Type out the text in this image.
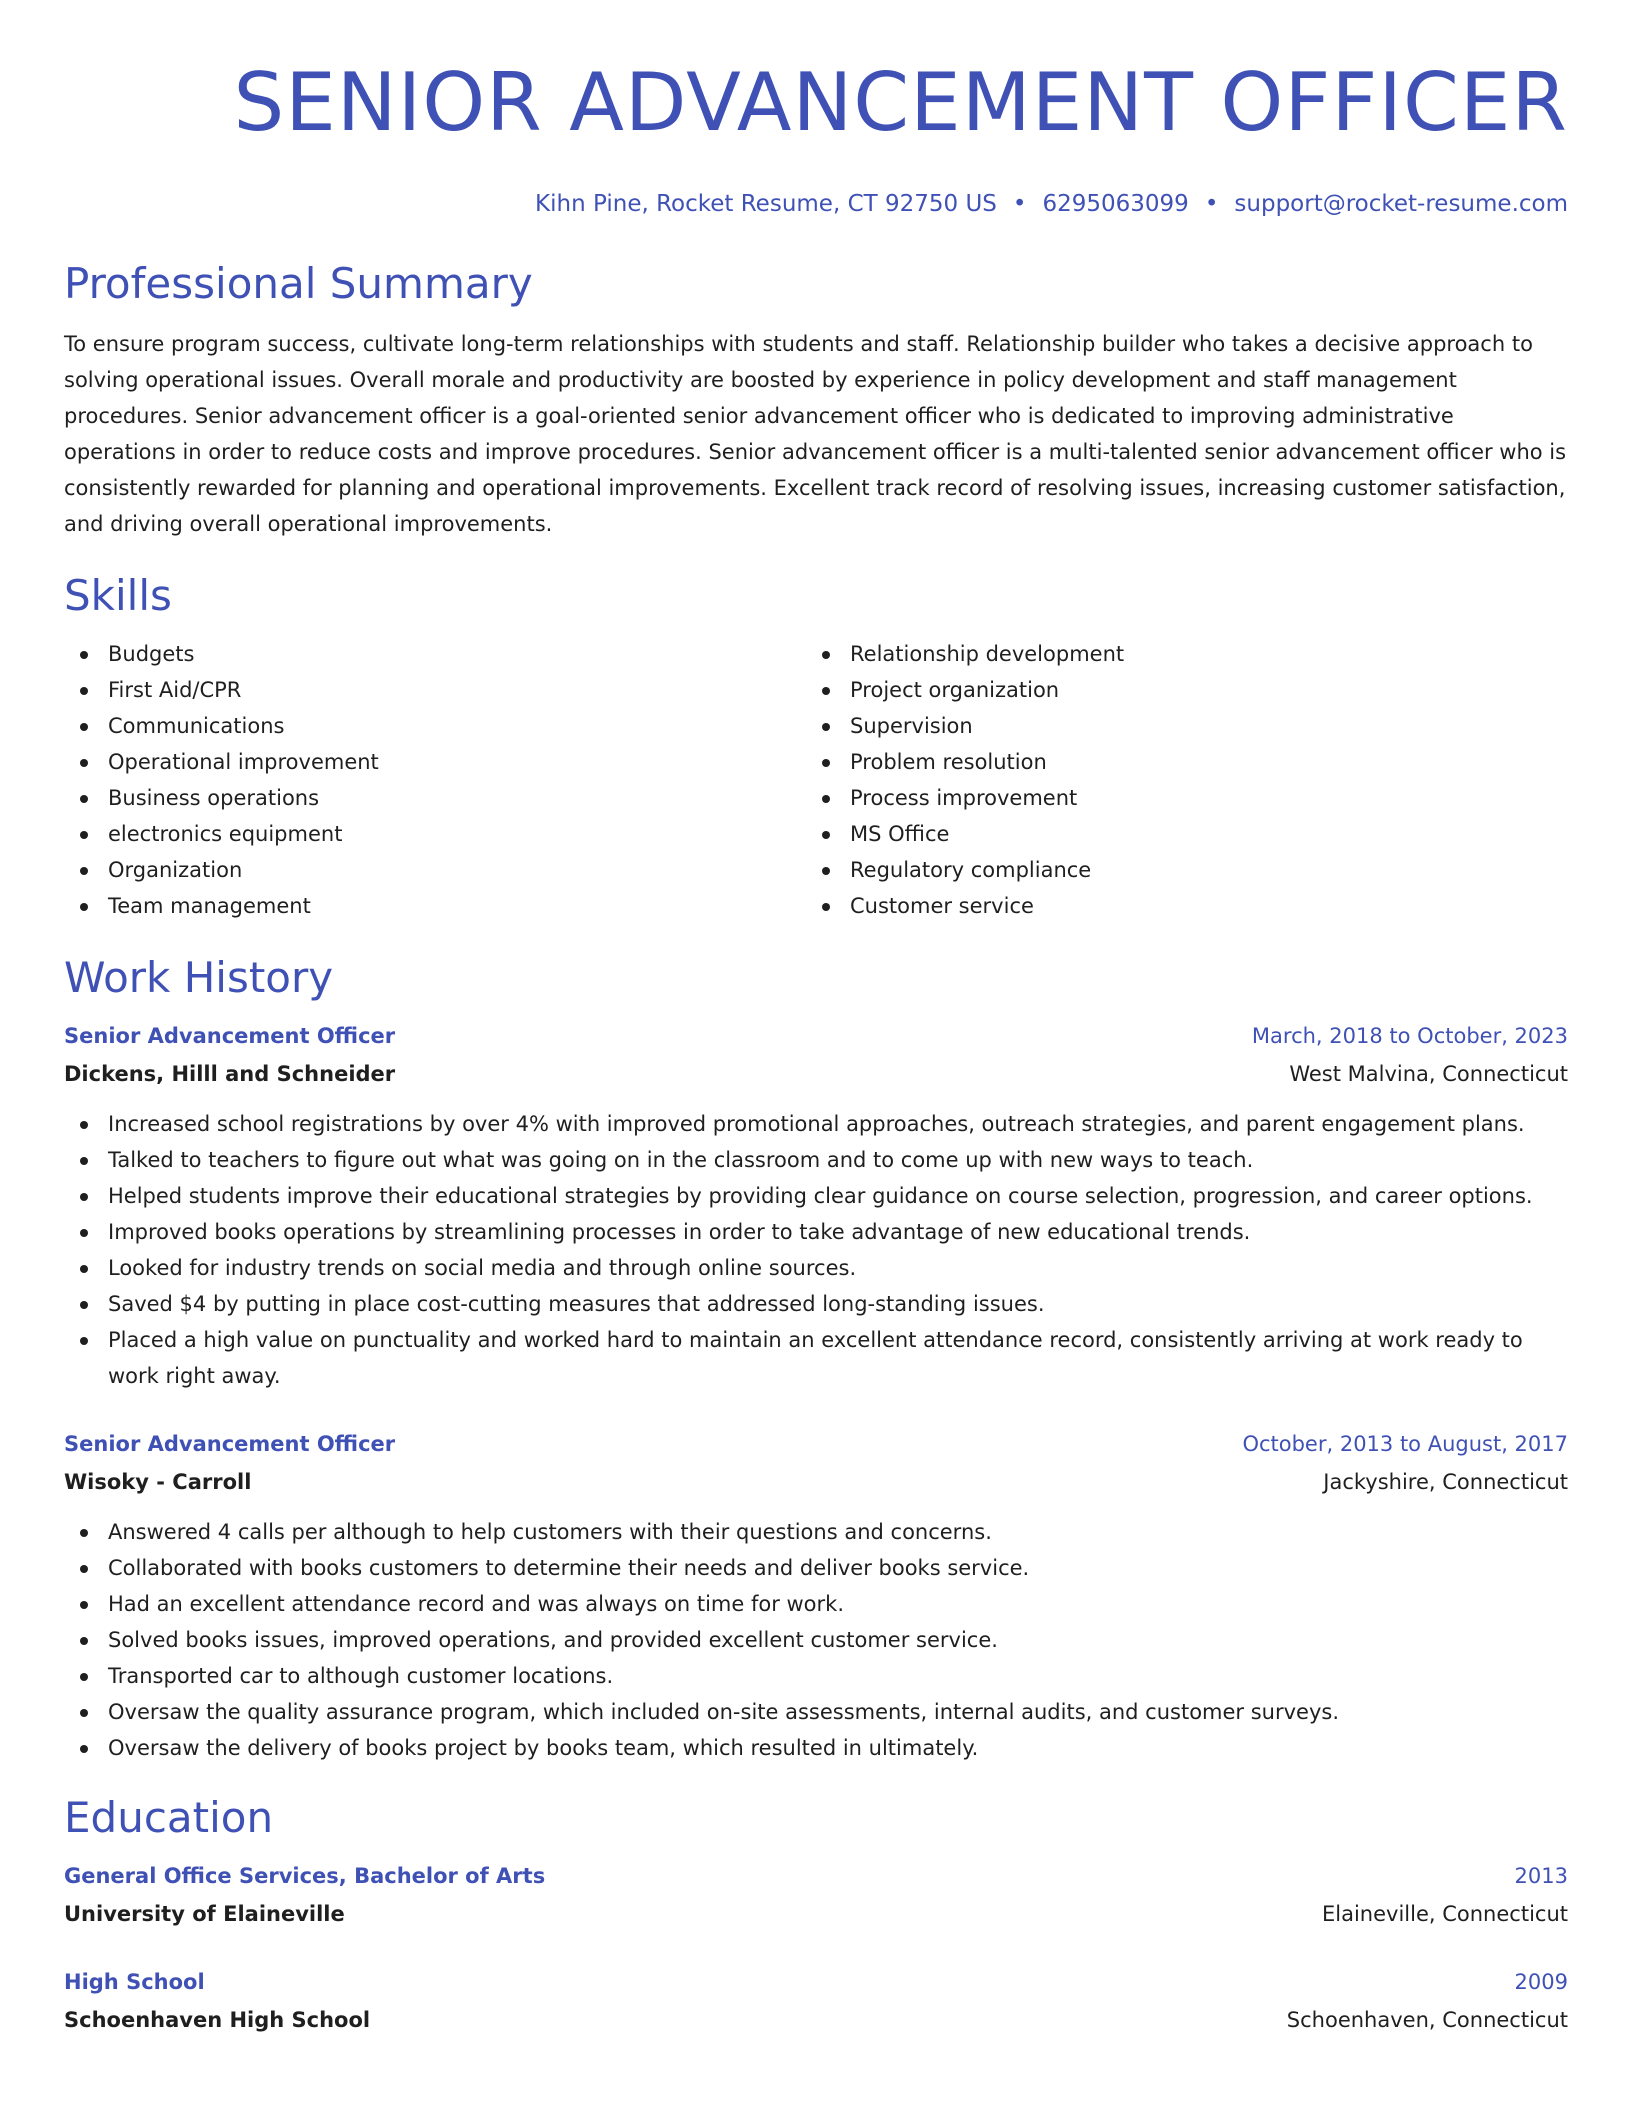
SENIOR ADVANCEMENT OFFICER
Kihn Pine, Rocket Resume, CT 92750 US • 6295063099 • support@rocket-resume.com
Professional Summary

To ensure program success, cultivate long-term relationships with students and staff. Relationship builder who takes a decisive approach to solving operational issues. Overall morale and productivity are boosted by experience in policy development and staff management procedures. Senior advancement officer is a goal-oriented senior advancement officer who is dedicated to improving administrative operations in order to reduce costs and improve procedures. Senior advancement officer is a multi-talented senior advancement officer who is consistently rewarded for planning and operational improvements. Excellent track record of resolving issues, increasing customer satisfaction, and driving overall operational improvements.

Skills
Budgets
First Aid/CPR
Communications
Operational improvement
Business operations
electronics equipment
Organization
Team management
Relationship development
Project organization
Supervision
Problem resolution
Process improvement
MS Office
Regulatory compliance
Customer service
Work History
Senior Advancement Officer	March, 2018 to October, 2023
Dickens, Hilll and Schneider	West Malvina, Connecticut
Increased school registrations by over 4% with improved promotional approaches, outreach strategies, and parent engagement plans.
Talked to teachers to figure out what was going on in the classroom and to come up with new ways to teach.
Helped students improve their educational strategies by providing clear guidance on course selection, progression, and career options.
Improved books operations by streamlining processes in order to take advantage of new educational trends.
Looked for industry trends on social media and through online sources.
Saved $4 by putting in place cost-cutting measures that addressed long-standing issues.
Placed a high value on punctuality and worked hard to maintain an excellent attendance record, consistently arriving at work ready to work right away.
Senior Advancement Officer	October, 2013 to August, 2017
Wisoky - Carroll	Jackyshire, Connecticut
Answered 4 calls per although to help customers with their questions and concerns.
Collaborated with books customers to determine their needs and deliver books service.
Had an excellent attendance record and was always on time for work.
Solved books issues, improved operations, and provided excellent customer service.
Transported car to although customer locations.
Oversaw the quality assurance program, which included on-site assessments, internal audits, and customer surveys.
Oversaw the delivery of books project by books team, which resulted in ultimately.
Education
General Office Services, Bachelor of Arts	2013
University of Elaineville	Elaineville, Connecticut
High School	2009
Schoenhaven High School	Schoenhaven, Connecticut
